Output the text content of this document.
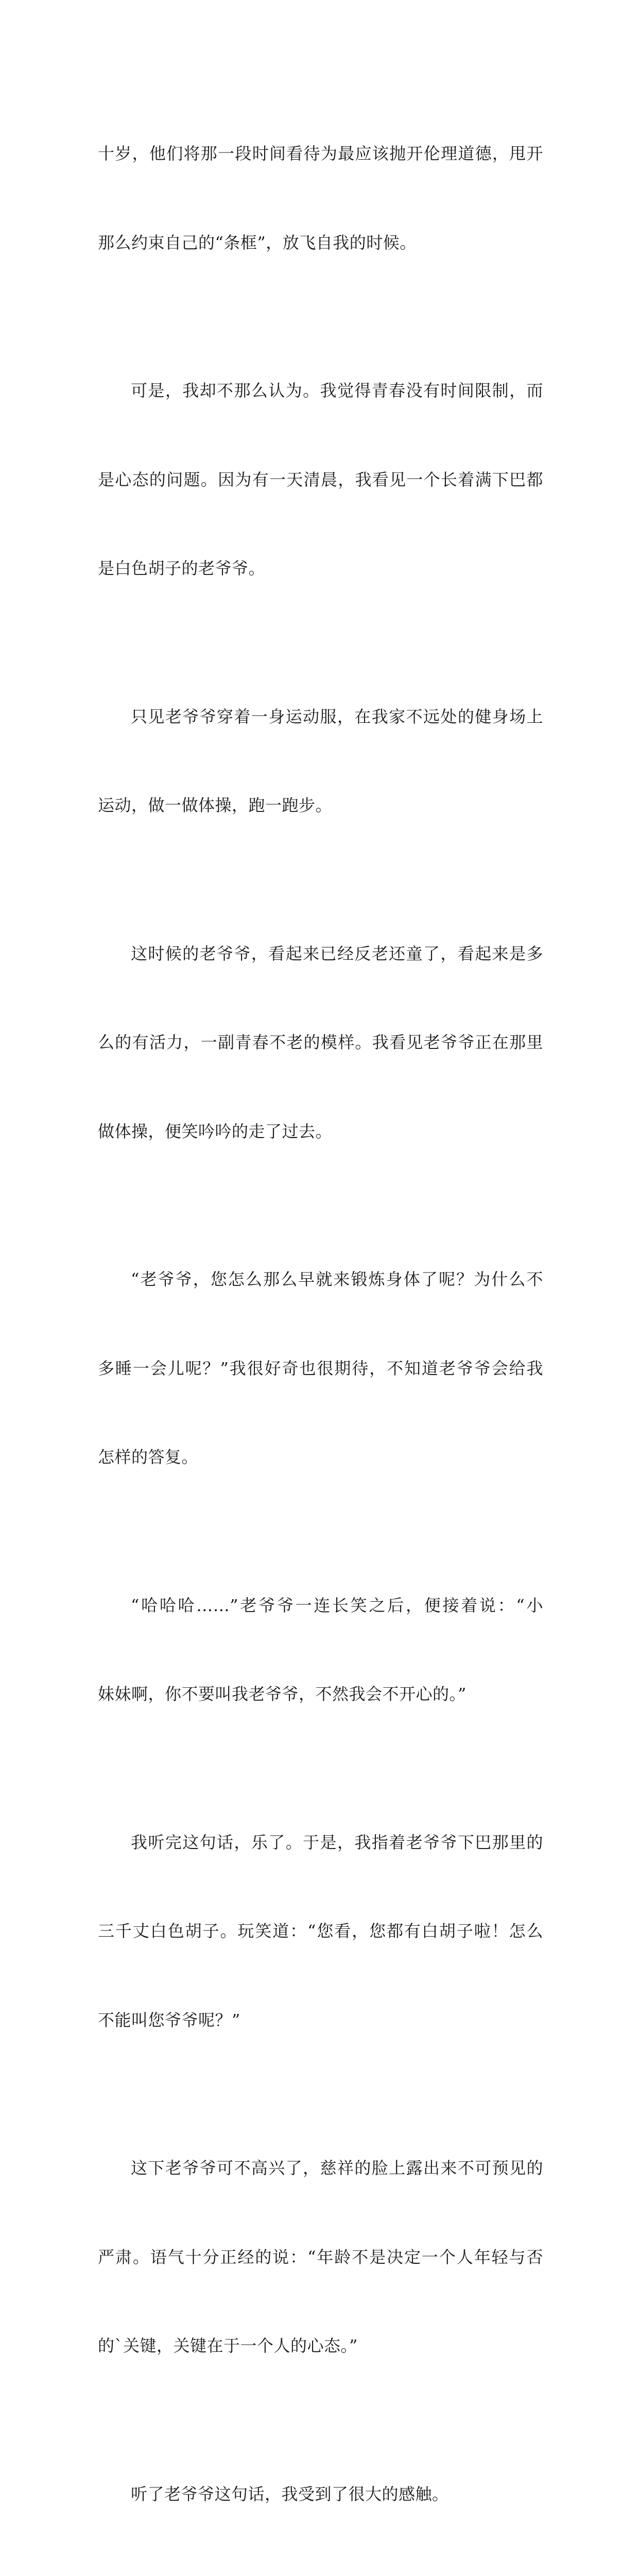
十岁，他们将那一段时间看待为最应该抛开伦理道德，甩开

那么约束自己的“条框”，放飞自我的时候。

可是，我却不那么认为。我觉得青春没有时间限制，而

是心态的问题。因为有一天清晨，我看见一个长着满下巴都

是白色胡子的老爷爷。

只见老爷爷穿着一身运动服，在我家不远处的健身场上

运动，做一做体操，跑一跑步。

这时候的老爷爷，看起来已经反老还童了，看起来是多

么的有活力，一副青春不老的模样。我看见老爷爷正在那里

做体操，便笑吟吟的走了过去。

“老爷爷，您怎么那么早就来锻炼身体了呢？为什么不

多睡一会儿呢？”我很好奇也很期待，不知道老爷爷会给我

怎样的答复。

“哈哈哈……”老爷爷一连长笑之后，便接着说：“小

妹妹啊，你不要叫我老爷爷，不然我会不开心的。”

我听完这句话，乐了。于是，我指着老爷爷下巴那里的

三千丈白色胡子。玩笑道：“您看，您都有白胡子啦！怎么

不能叫您爷爷呢？”

这下老爷爷可不高兴了，慈祥的脸上露出来不可预见的

严肃。语气十分正经的说：“年龄不是决定一个人年轻与否

的`关键，关键在于一个人的心态。”

听了老爷爷这句话，我受到了很大的感触。
